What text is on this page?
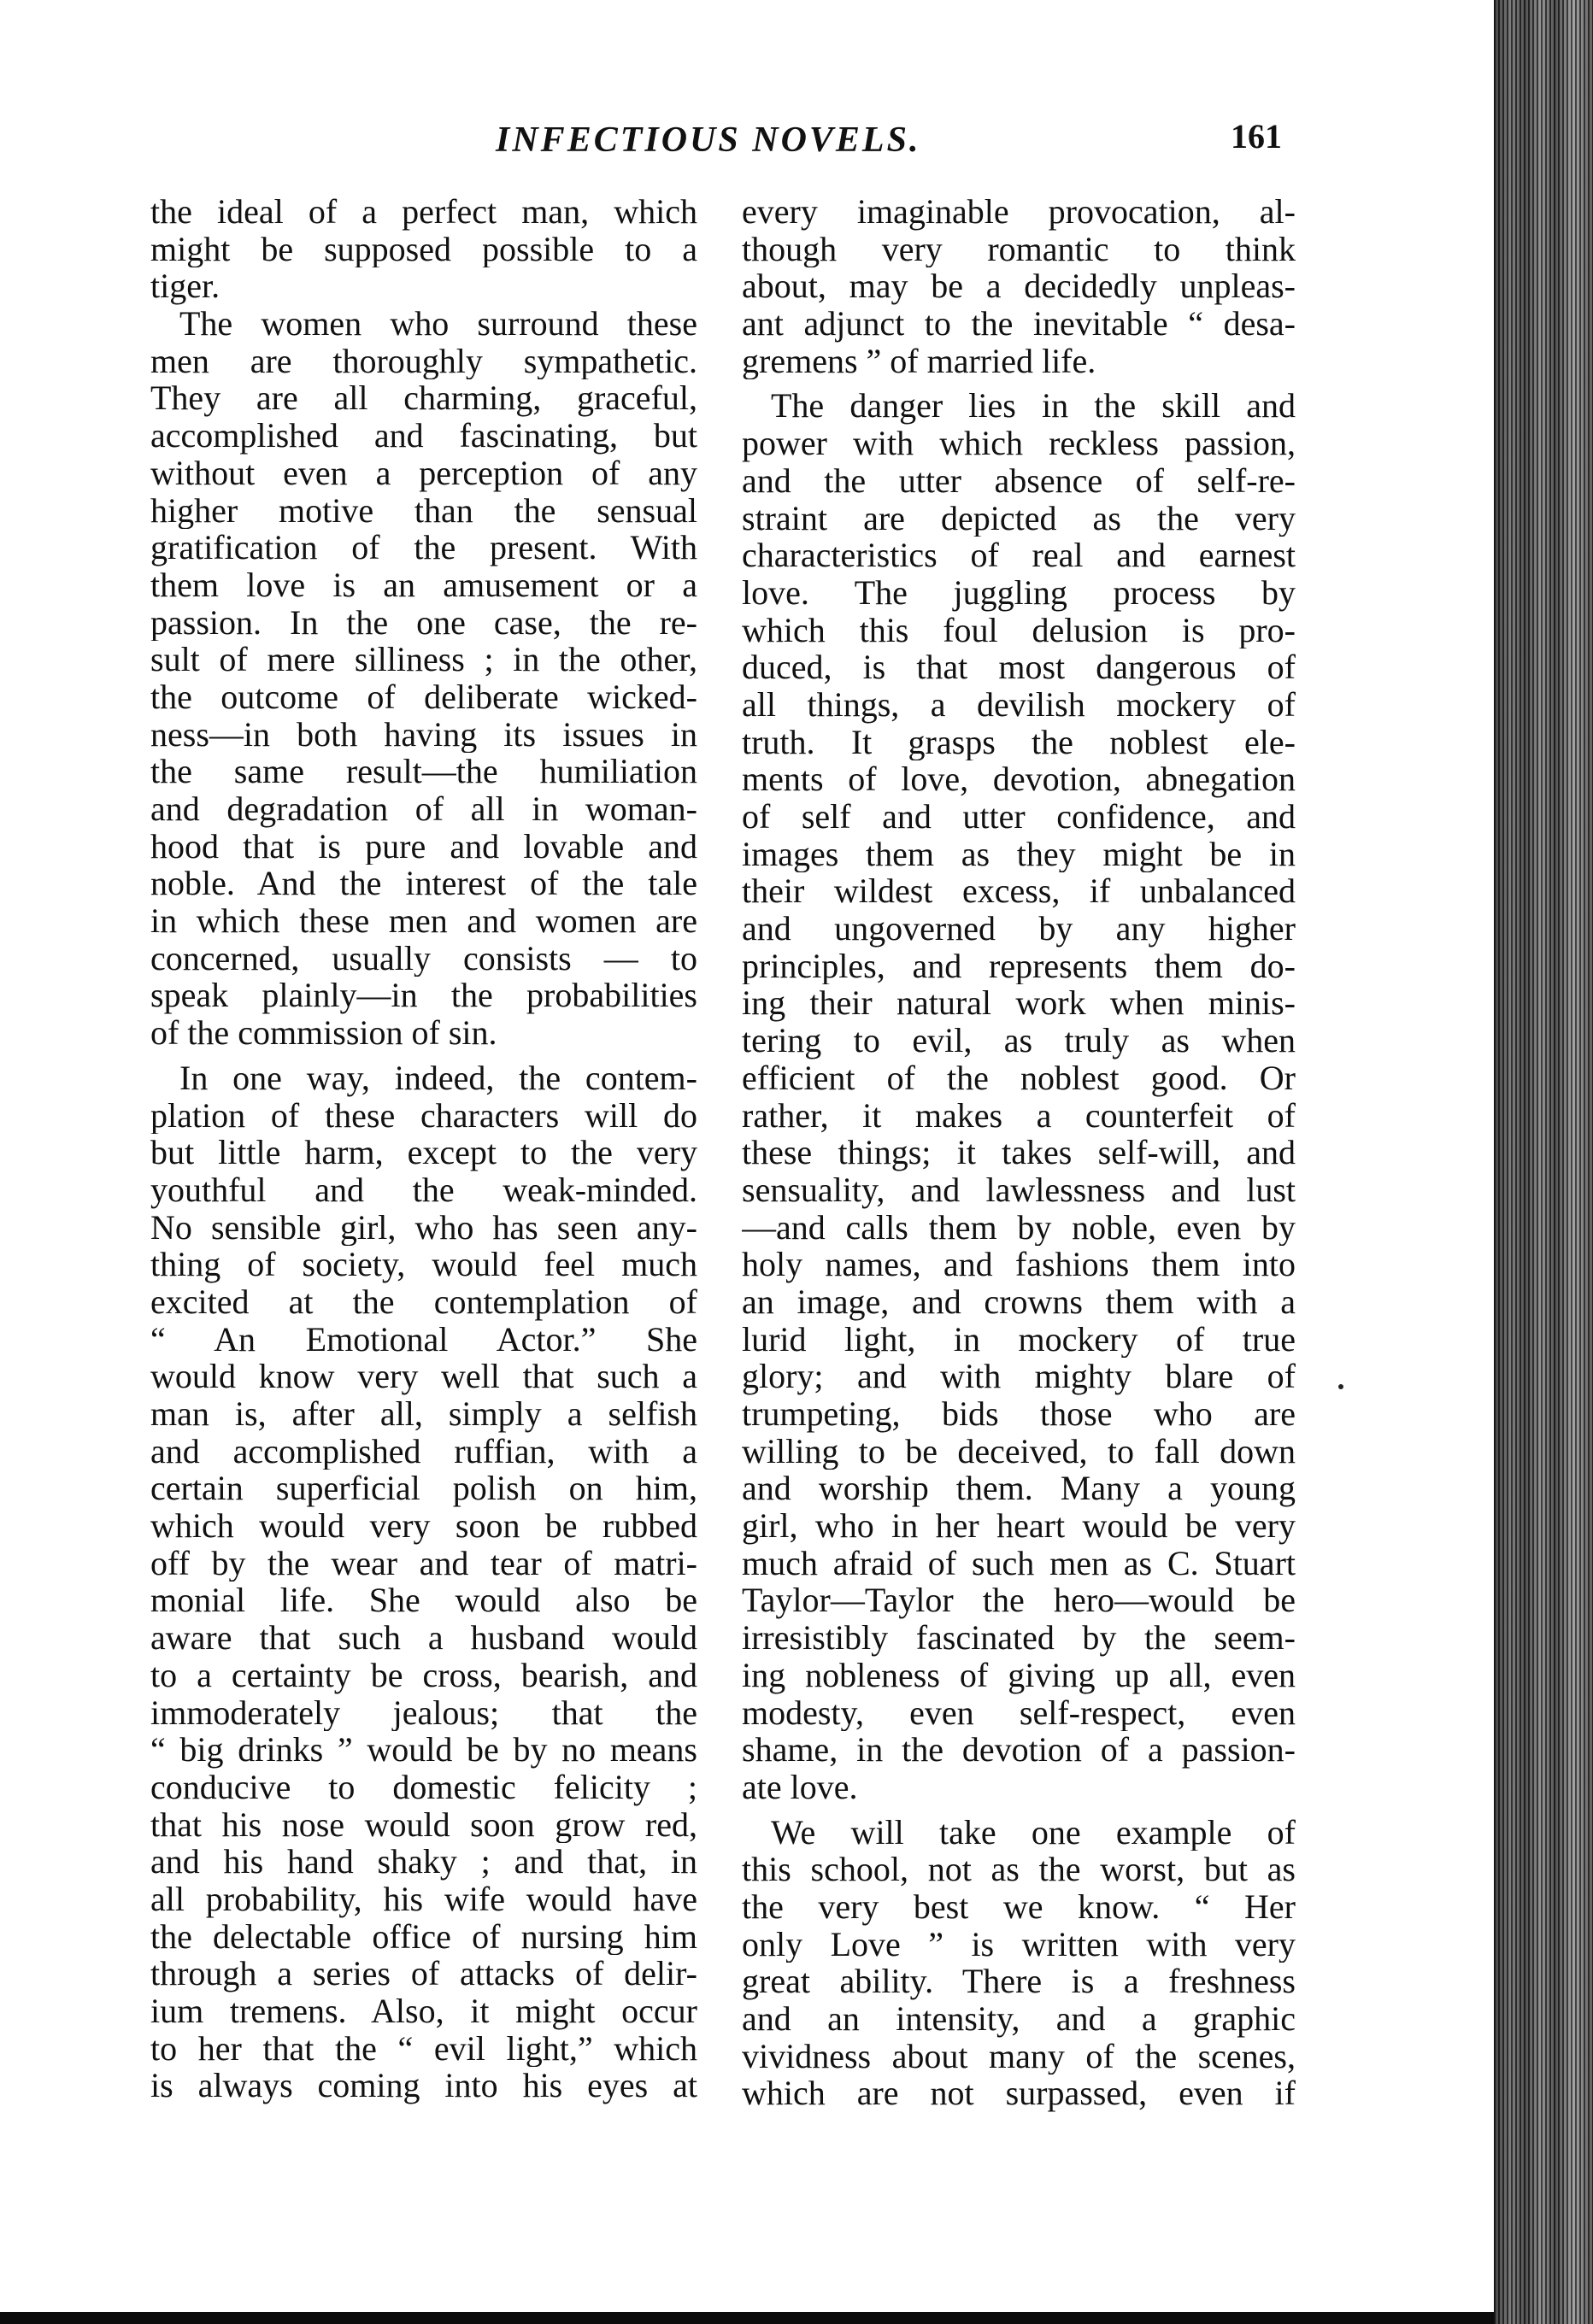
INFECTIOUS NOVELS.	161
the ideal of a perfect man, which
might be supposed possible to a
tiger.
The women who surround these
men are thoroughly sympathetic.
They are all charming, graceful,
accomplished and fascinating, but
without even a perception of any
higher motive than the sensual
gratification of the present. With
them love is an amusement or a
passion. In the one case, the re-
sult of mere silliness ; in the other,
the outcome of deliberate wicked-
ness—in both having its issues in
the same result—the humiliation
and degradation of all in woman-
hood that is pure and lovable and
noble. And the interest of the tale
in which these men and women are
concerned, usually consists — to
speak plainly—in the probabilities
of the commission of sin.
In one way, indeed, the contem-
plation of these characters will do
but little harm, except to the very
youthful and the weak-minded.
No sensible girl, who has seen any-
thing of society, would feel much
excited at the contemplation of
“ An Emotional Actor.” She
would know very well that such a
man is, after all, simply a selfish
and accomplished ruffian, with a
certain superficial polish on him,
which would very soon be rubbed
off by the wear and tear of matri-
monial life. She would also be
aware that such a husband would
to a certainty be cross, bearish, and
immoderately jealous; that the
“ big drinks ” would be by no means
conducive to domestic felicity ;
that his nose would soon grow red,
and his hand shaky ; and that, in
all probability, his wife would have
the delectable office of nursing him
through a series of attacks of delir-
ium tremens. Also, it might occur
to her that the “ evil light,” which
is always coming into his eyes at
every imaginable provocation, al-
though very romantic to think
about, may be a decidedly unpleas-
ant adjunct to the inevitable “ desa-
gremens ” of married life.
The danger lies in the skill and
power with which reckless passion,
and the utter absence of self-re-
straint are depicted as the very
characteristics of real and earnest
love. The juggling process by
which this foul delusion is pro-
duced, is that most dangerous of
all things, a devilish mockery of
truth. It grasps the noblest ele-
ments of love, devotion, abnegation
of self and utter confidence, and
images them as they might be in
their wildest excess, if unbalanced
and ungoverned by any higher
principles, and represents them do-
ing their natural work when minis-
tering to evil, as truly as when
efficient of the noblest good. Or
rather, it makes a counterfeit of
these things; it takes self-will, and
sensuality, and lawlessness and lust
—and calls them by noble, even by
holy names, and fashions them into
an image, and crowns them with a
lurid light, in mockery of true
glory; and with mighty blare of
trumpeting, bids those who are
willing to be deceived, to fall down
and worship them. Many a young
girl, who in her heart would be very
much afraid of such men as C. Stuart
Taylor—Taylor the hero—would be
irresistibly fascinated by the seem-
ing nobleness of giving up all, even
modesty, even self-respect, even
shame, in the devotion of a passion-
ate love.
We will take one example of
this school, not as the worst, but as
the very best we know. “ Her
only Love ” is written with very
great ability. There is a freshness
and an intensity, and a graphic
vividness about many of the scenes,
which are not surpassed, even if
